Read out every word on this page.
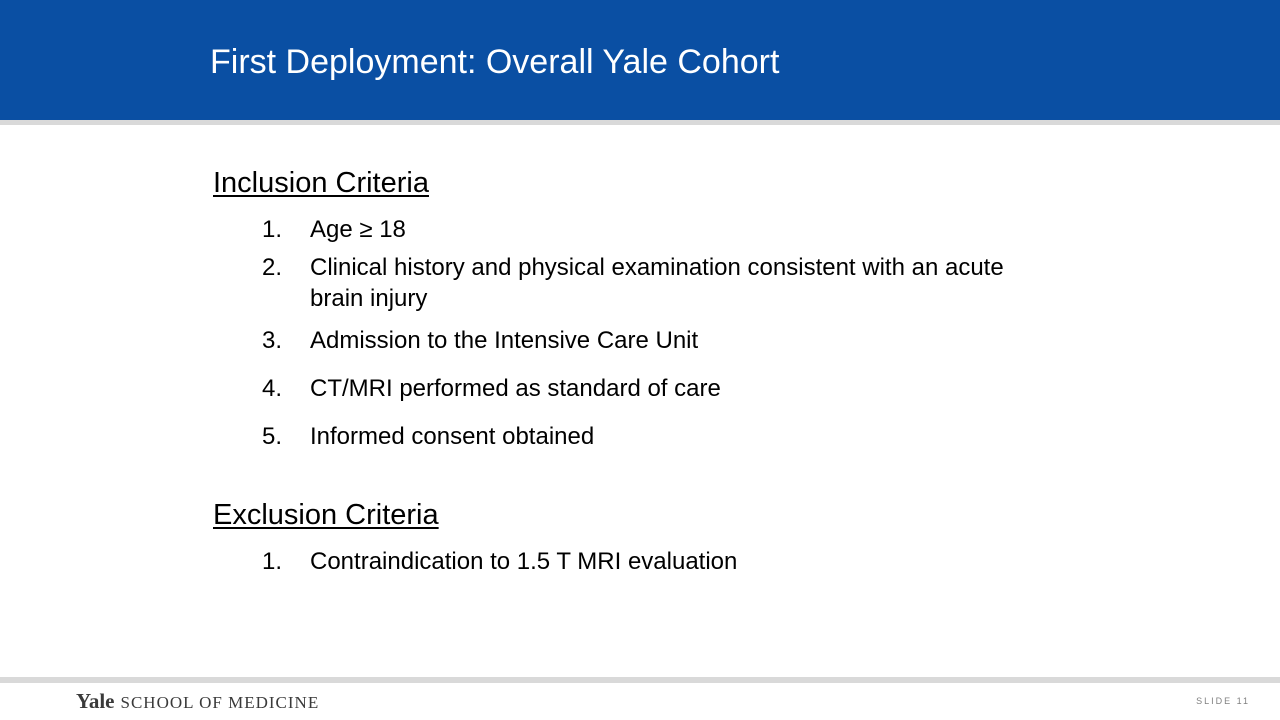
First Deployment: Overall Yale Cohort
Inclusion Criteria
1. Age ≥ 18
2. Clinical history and physical examination consistent with an acute brain injury
3. Admission to the Intensive Care Unit
4. CT/MRI performed as standard of care
5. Informed consent obtained
Exclusion Criteria
1. Contraindication to 1.5 T MRI evaluation
Yale SCHOOL OF MEDICINE	SLIDE 11
